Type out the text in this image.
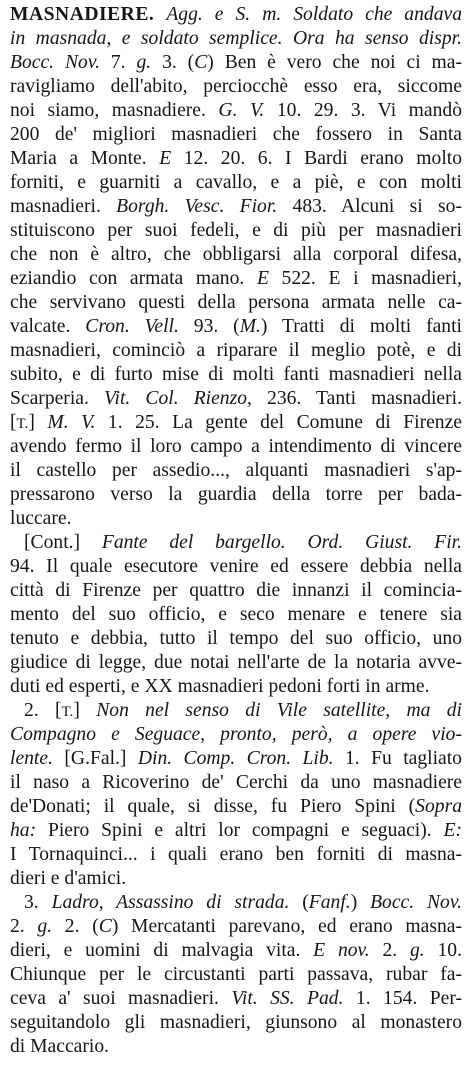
MASNADIERE. Agg. e S. m. Soldato che andava
in masnada, e soldato semplice. Ora ha senso dispr.
Bocc. Nov. 7. g. 3. (C) Ben è vero che noi ci ma-
ravigliamo dell'abito, perciocchè esso era, siccome
noi siamo, masnadiere. G. V. 10. 29. 3. Vi mandò
200 de' migliori masnadieri che fossero in Santa
Maria a Monte. E 12. 20. 6. I Bardi erano molto
forniti, e guarniti a cavallo, e a piè, e con molti
masnadieri. Borgh. Vesc. Fior. 483. Alcuni si so-
stituiscono per suoi fedeli, e di più per masnadieri
che non è altro, che obbligarsi alla corporal difesa,
eziandio con armata mano. E 522. E i masnadieri,
che servivano questi della persona armata nelle ca-
valcate. Cron. Vell. 93. (M.) Tratti di molti fanti
masnadieri, cominciò a riparare il meglio potè, e di
subito, e di furto mise di molti fanti masnadieri nella
Scarperia. Vit. Col. Rienzo, 236. Tanti masnadieri.
[T.] M. V. 1. 25. La gente del Comune di Firenze
avendo fermo il loro campo a intendimento di vincere
il castello per assedio..., alquanti masnadieri s'ap-
pressarono verso la guardia della torre per bada-
luccare.
[Cont.] Fante del bargello. Ord. Giust. Fir.
94. Il quale esecutore venire ed essere debbia nella
città di Firenze per quattro die innanzi il comincia-
mento del suo officio, e seco menare e tenere sia
tenuto e debbia, tutto il tempo del suo officio, uno
giudice di legge, due notai nell'arte de la notaria avve-
duti ed esperti, e XX masnadieri pedoni forti in arme.
2. [T.] Non nel senso di Vile satellite, ma di
Compagno e Seguace, pronto, però, a opere vio-
lente. [G.Fal.] Din. Comp. Cron. Lib. 1. Fu tagliato
il naso a Ricoverino de' Cerchi da uno masnadiere
de'Donati; il quale, si disse, fu Piero Spini (Sopra
ha: Piero Spini e altri lor compagni e seguaci). E:
I Tornaquinci... i quali erano ben forniti di masna-
dieri e d'amici.
3. Ladro, Assassino di strada. (Fanf.) Bocc. Nov.
2. g. 2. (C) Mercatanti parevano, ed erano masna-
dieri, e uomini di malvagia vita. E nov. 2. g. 10.
Chiunque per le circustanti parti passava, rubar fa-
ceva a' suoi masnadieri. Vit. SS. Pad. 1. 154. Per-
seguitandolo gli masnadieri, giunsono al monastero
di Maccario.
